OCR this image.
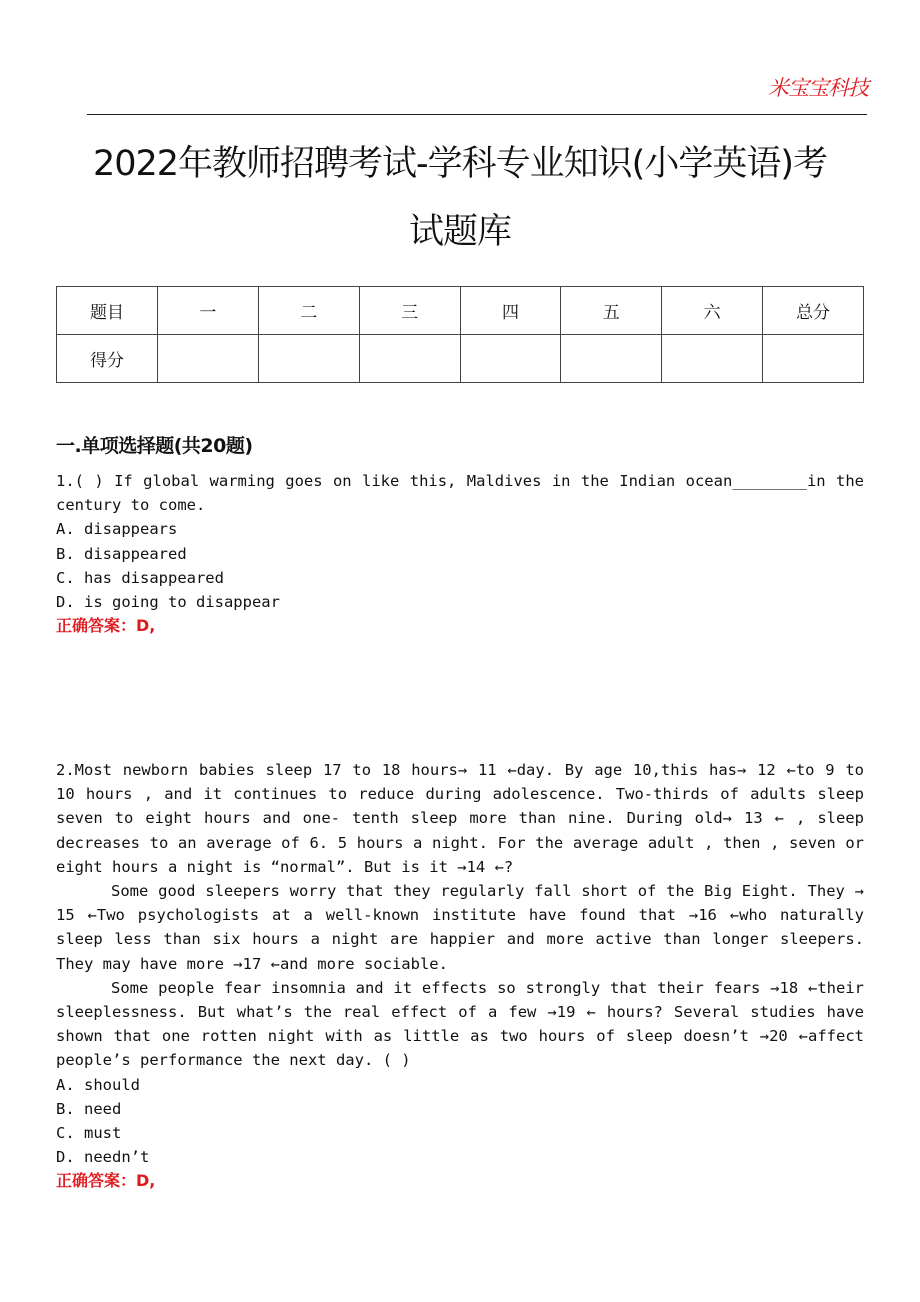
米宝宝科技
2022年教师招聘考试-学科专业知识(小学英语)考
试题库
题目	一	二	三	四	五	六	总分
得分							
一.单项选择题(共20题)

1.( ) If global warming goes on like this, Maldives in the Indian ocean________in the century to come.

A. disappears
B. disappeared
C. has disappeared
D. is going to disappear
正确答案：D,

2.Most newborn babies sleep 17 to 18 hours→ 11 ←day. By age 10,this has→ 12 ←to 9 to 10 hours , and it continues to reduce during adolescence. Two-thirds of adults sleep seven to eight hours and one- tenth sleep more than nine. During old→ 13 ← , sleep decreases to an average of 6. 5 hours a night. For the average adult , then , seven or eight hours a night is “normal”. But is it →14 ←?

Some good sleepers worry that they regularly fall short of the Big Eight. They → 15 ←Two psychologists at a well-known institute have found that →16 ←who naturally sleep less than six hours a night are happier and more active than longer sleepers. They may have more →17 ←and more sociable.

Some people fear insomnia and it effects so strongly that their fears →18 ←their sleeplessness. But what’s the real effect of a few →19 ← hours? Several studies have shown that one rotten night with as little as two hours of sleep doesn’t →20 ←affect people’s performance the next day. ( )

A. should
B. need
C. must
D. needn’t
正确答案：D,
